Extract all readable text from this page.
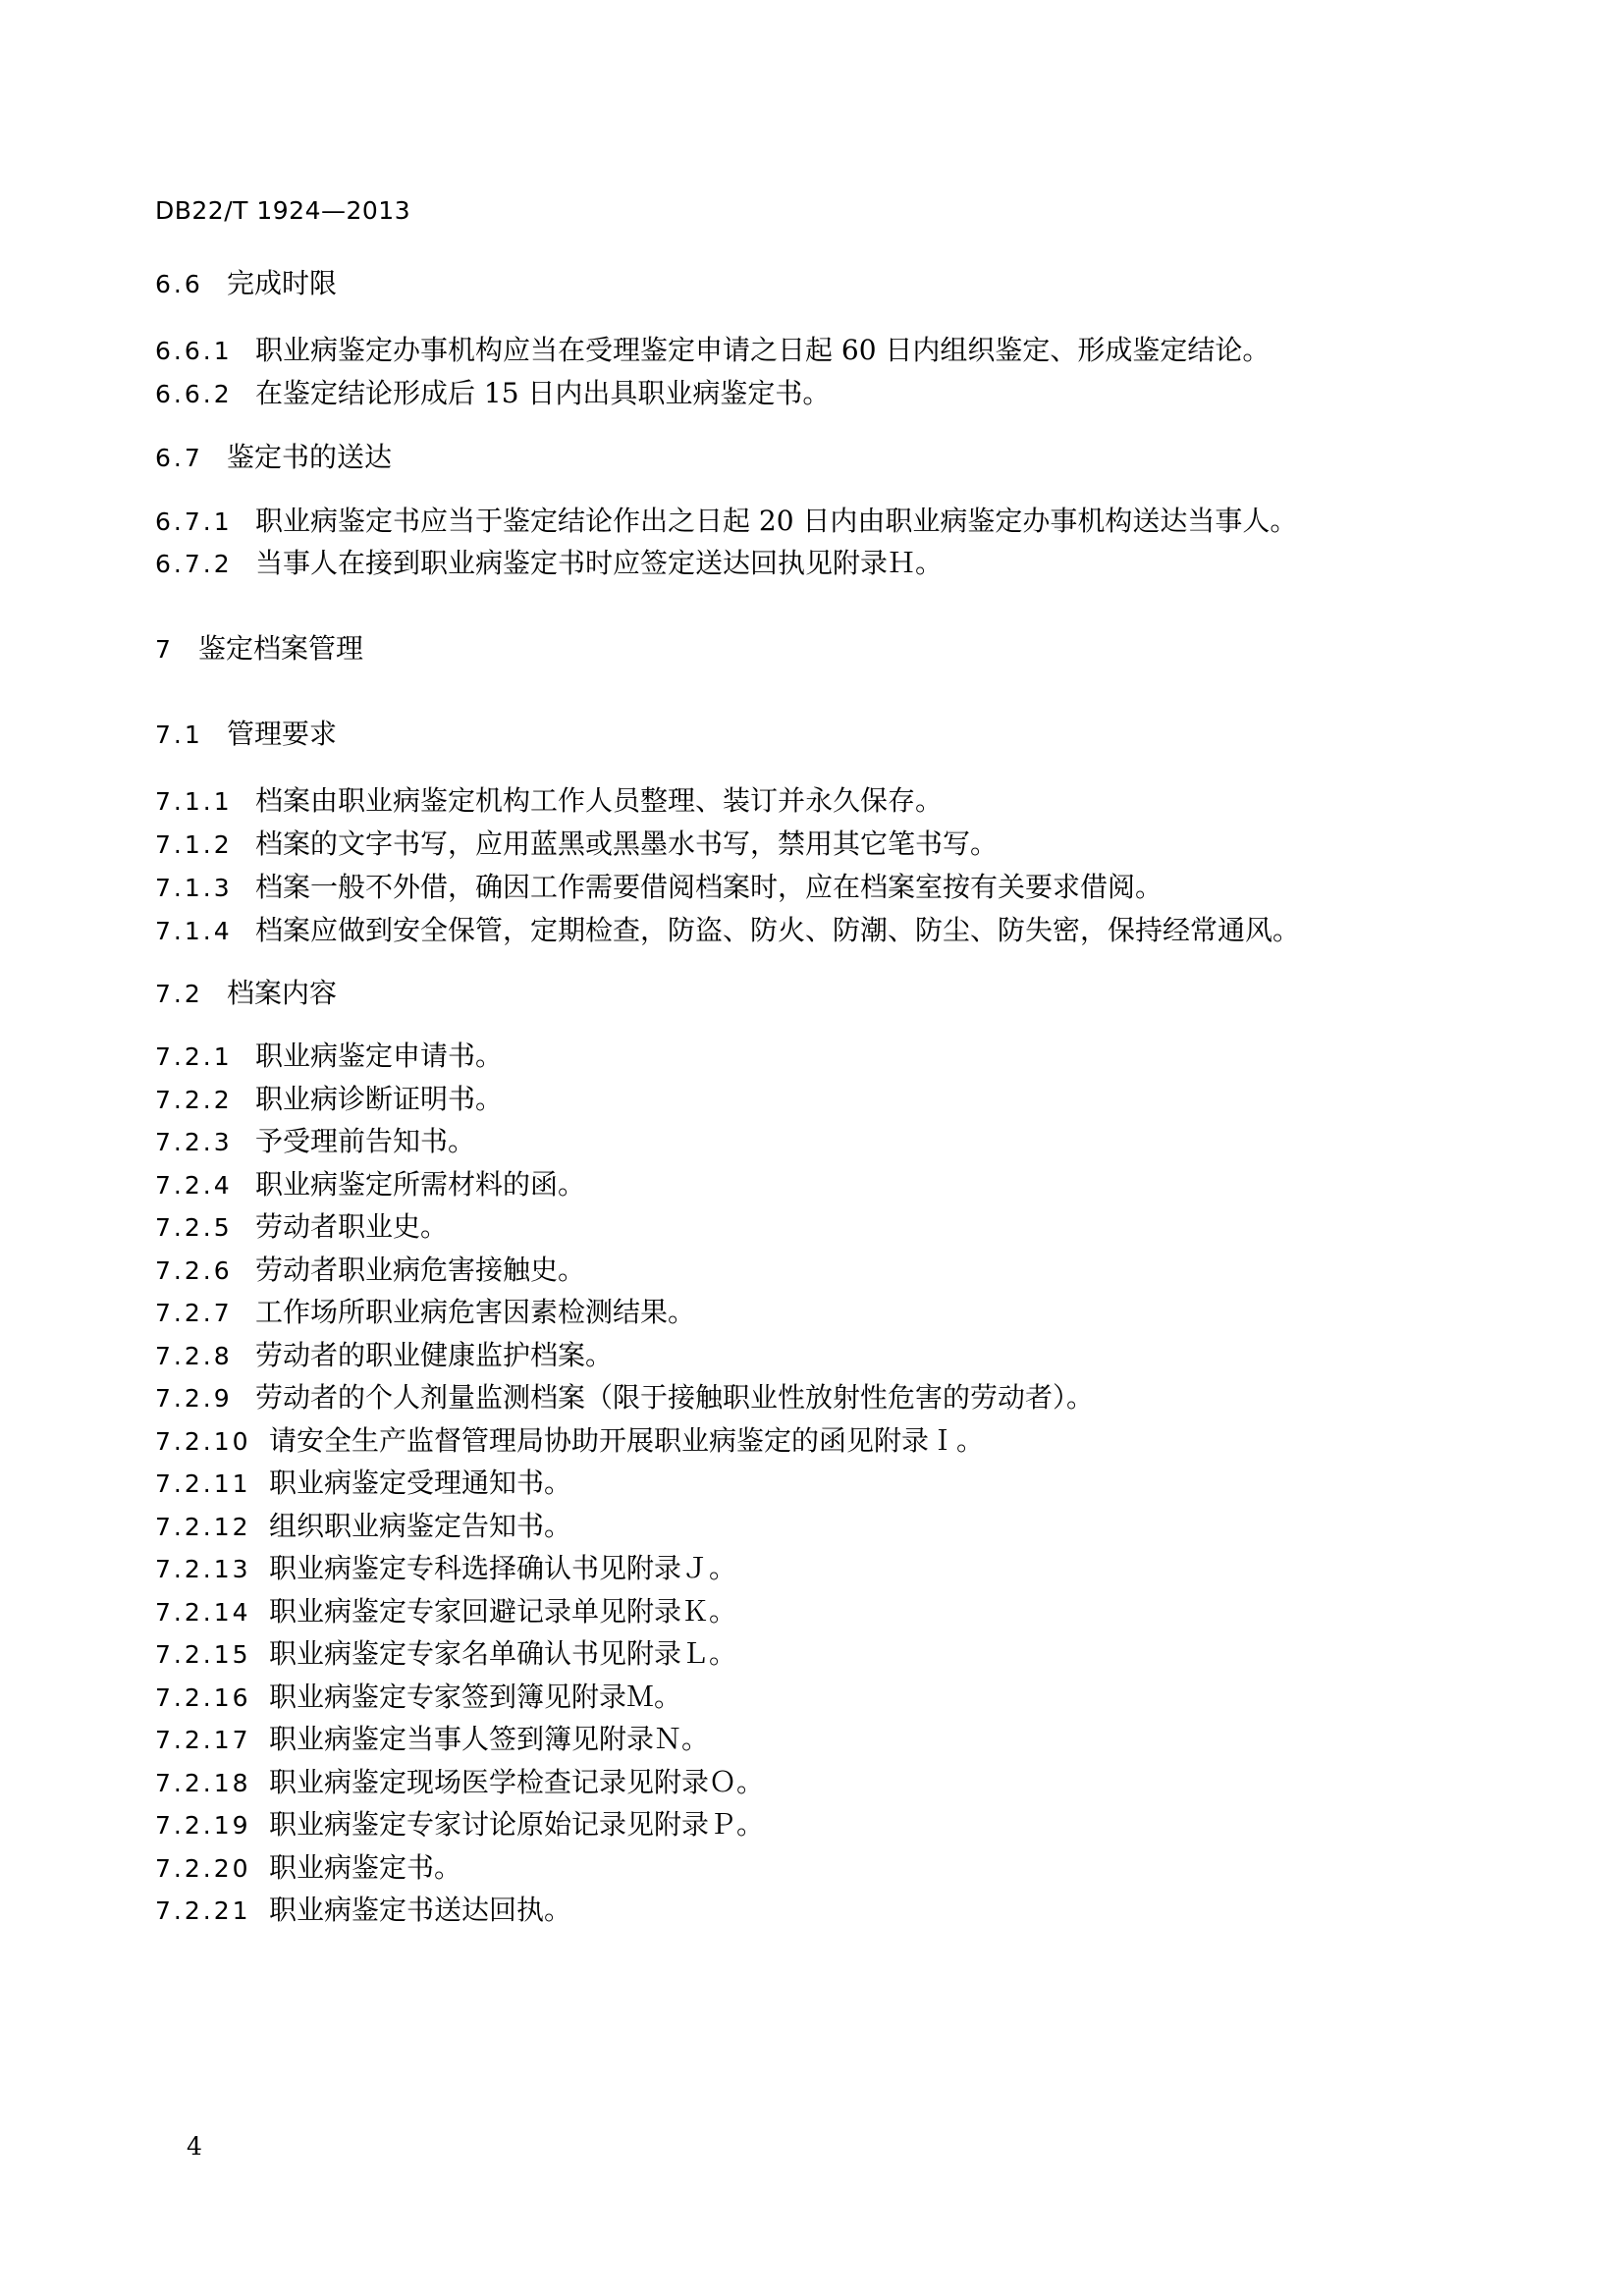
DB22/T 1924—2013
6.6 完成时限
6.6.1 职业病鉴定办事机构应当在受理鉴定申请之日起 60 日内组织鉴定、形成鉴定结论。
6.6.2 在鉴定结论形成后 15 日内出具职业病鉴定书。
6.7 鉴定书的送达
6.7.1 职业病鉴定书应当于鉴定结论作出之日起 20 日内由职业病鉴定办事机构送达当事人。
6.7.2 当事人在接到职业病鉴定书时应签定送达回执见附录Ｈ。
7 鉴定档案管理
7.1 管理要求
7.1.1 档案由职业病鉴定机构工作人员整理、装订并永久保存。
7.1.2 档案的文字书写，应用蓝黑或黑墨水书写，禁用其它笔书写。
7.1.3 档案一般不外借，确因工作需要借阅档案时，应在档案室按有关要求借阅。
7.1.4 档案应做到安全保管，定期检查，防盗、防火、防潮、防尘、防失密，保持经常通风。
7.2 档案内容
7.2.1 职业病鉴定申请书。
7.2.2 职业病诊断证明书。
7.2.3 予受理前告知书。
7.2.4 职业病鉴定所需材料的函。
7.2.5 劳动者职业史。
7.2.6 劳动者职业病危害接触史。
7.2.7 工作场所职业病危害因素检测结果。
7.2.8 劳动者的职业健康监护档案。
7.2.9 劳动者的个人剂量监测档案（限于接触职业性放射性危害的劳动者）。
7.2.10 请安全生产监督管理局协助开展职业病鉴定的函见附录Ｉ。
7.2.11 职业病鉴定受理通知书。
7.2.12 组织职业病鉴定告知书。
7.2.13 职业病鉴定专科选择确认书见附录Ｊ。
7.2.14 职业病鉴定专家回避记录单见附录Ｋ。
7.2.15 职业病鉴定专家名单确认书见附录Ｌ。
7.2.16 职业病鉴定专家签到簿见附录Ｍ。
7.2.17 职业病鉴定当事人签到簿见附录Ｎ。
7.2.18 职业病鉴定现场医学检查记录见附录Ｏ。
7.2.19 职业病鉴定专家讨论原始记录见附录Ｐ。
7.2.20 职业病鉴定书。
7.2.21 职业病鉴定书送达回执。
4
